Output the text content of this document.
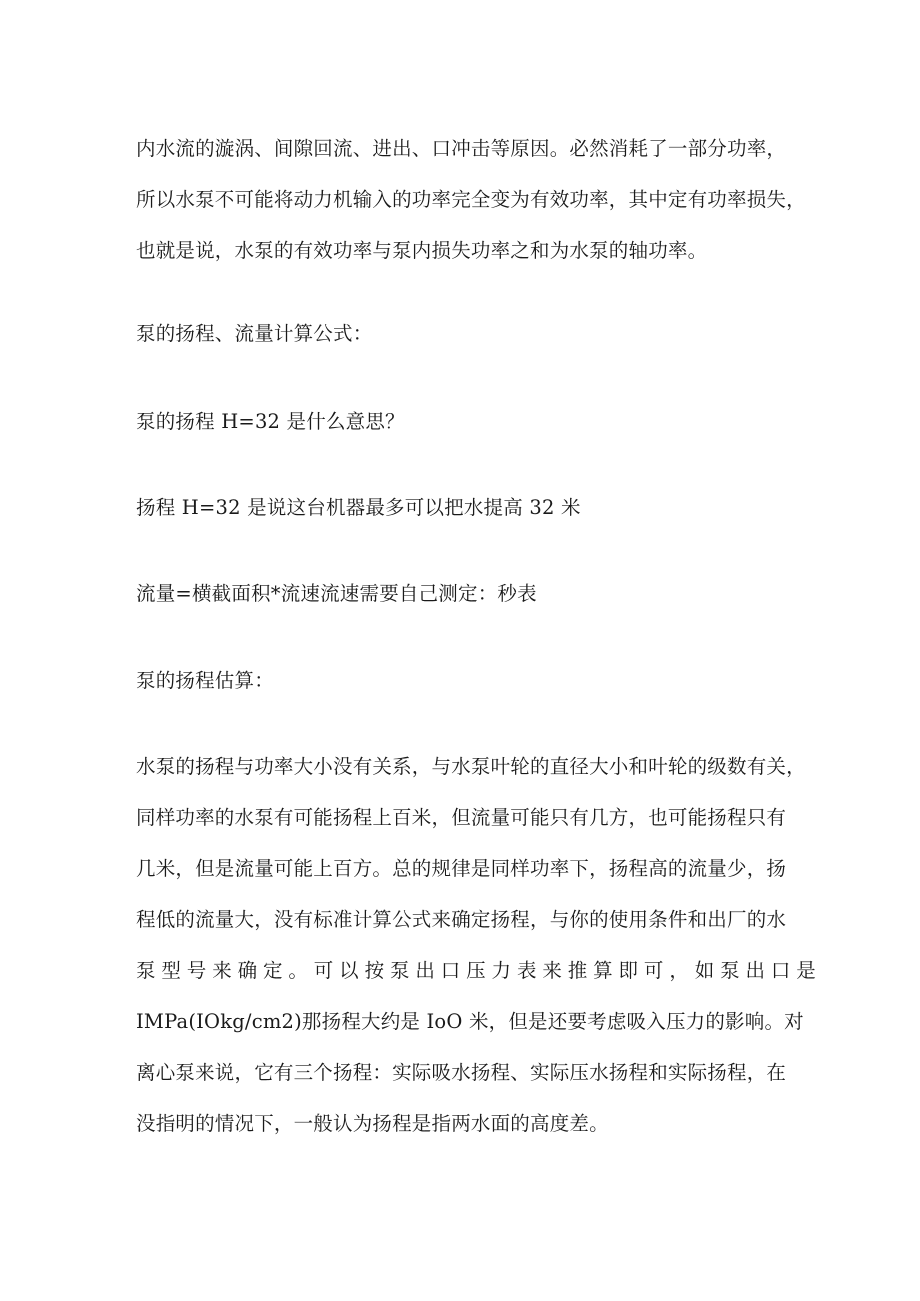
内水流的漩涡、间隙回流、进出、口冲击等原因。必然消耗了一部分功率，
所以水泵不可能将动力机输入的功率完全变为有效功率，其中定有功率损失，
也就是说，水泵的有效功率与泵内损失功率之和为水泵的轴功率。
泵的扬程、流量计算公式：
泵的扬程 H=32 是什么意思？
扬程 H=32 是说这台机器最多可以把水提高 32 米
流量=横截面积*流速流速需要自己测定：秒表
泵的扬程估算：
水泵的扬程与功率大小没有关系，与水泵叶轮的直径大小和叶轮的级数有关，
同样功率的水泵有可能扬程上百米，但流量可能只有几方，也可能扬程只有
几米，但是流量可能上百方。总的规律是同样功率下，扬程高的流量少，扬
程低的流量大，没有标准计算公式来确定扬程，与你的使用条件和出厂的水
泵型号来确定。可以按泵出口压力表来推算即可，如泵出口是
IMPa(IOkg/cm2)那扬程大约是 IoO 米，但是还要考虑吸入压力的影响。对
离心泵来说，它有三个扬程：实际吸水扬程、实际压水扬程和实际扬程，在
没指明的情况下，一般认为扬程是指两水面的高度差。
